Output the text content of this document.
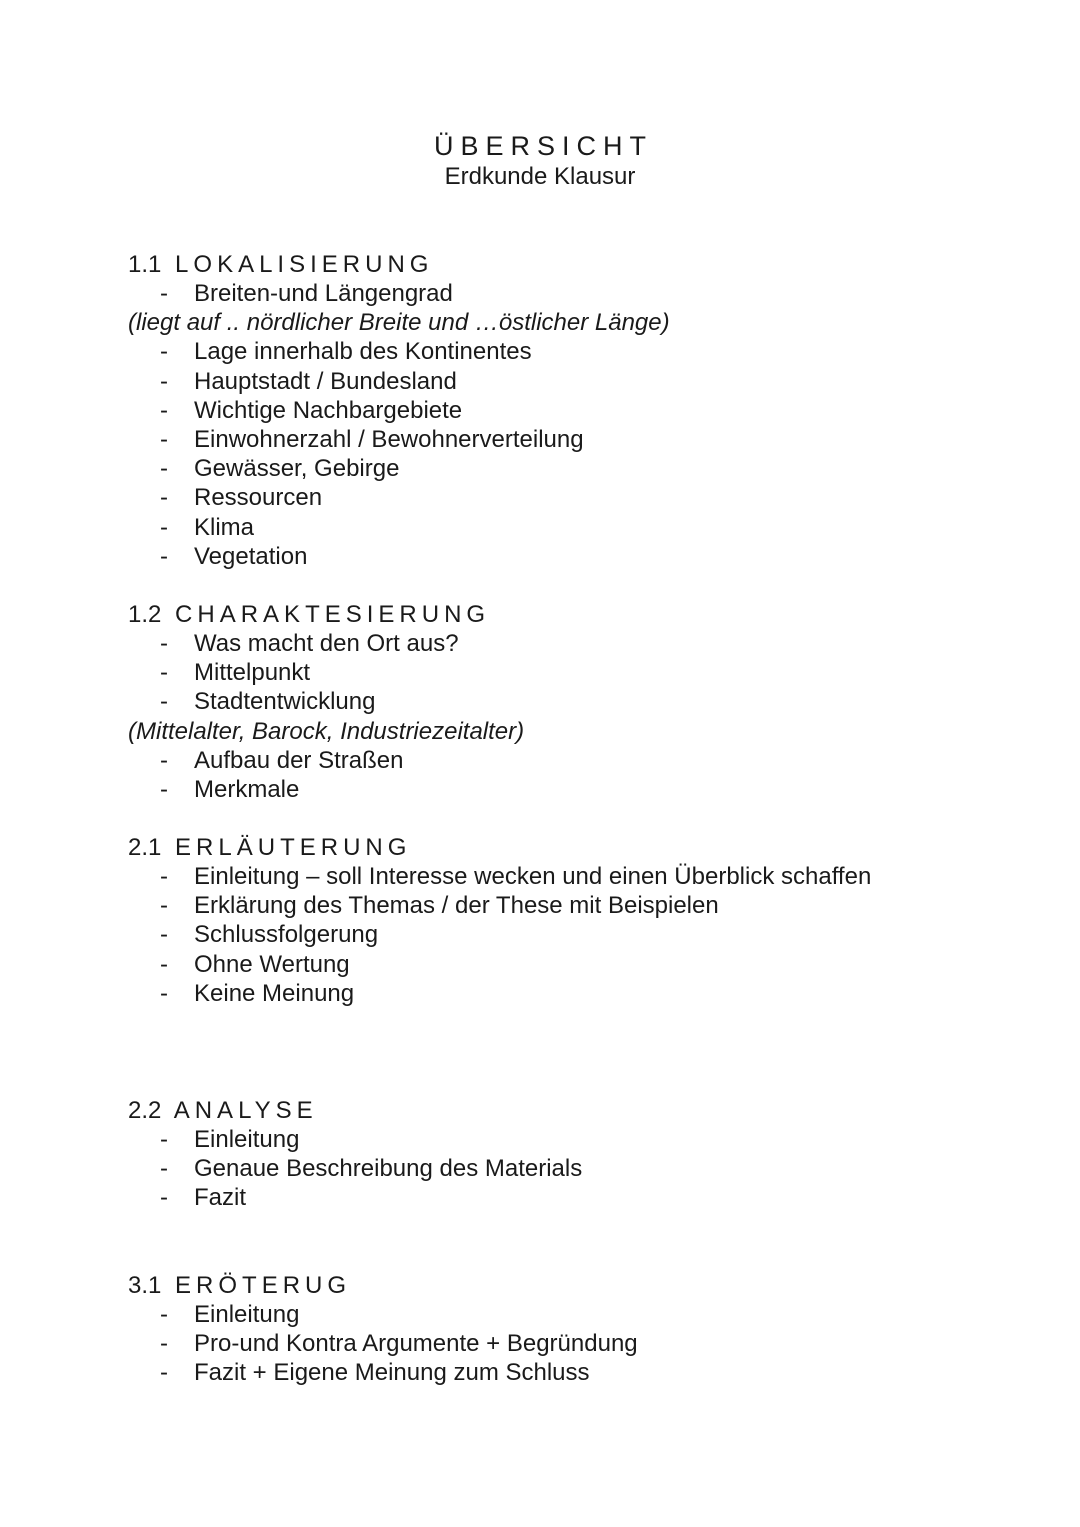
ÜBERSICHT
Erdkunde Klausur
1.1 LOKALISIERUNG
- Breiten-und Längengrad
(liegt auf .. nördlicher Breite und …östlicher Länge)
- Lage innerhalb des Kontinentes
- Hauptstadt / Bundesland
- Wichtige Nachbargebiete
- Einwohnerzahl / Bewohnerverteilung
- Gewässer, Gebirge
- Ressourcen
- Klima
- Vegetation
1.2 CHARAKTESIERUNG
- Was macht den Ort aus?
- Mittelpunkt
- Stadtentwicklung
(Mittelalter, Barock, Industriezeitalter)
- Aufbau der Straßen
- Merkmale
2.1 ERLÄUTERUNG
- Einleitung – soll Interesse wecken und einen Überblick schaffen
- Erklärung des Themas / der These mit Beispielen
- Schlussfolgerung
- Ohne Wertung
- Keine Meinung
2.2 ANALYSE
- Einleitung
- Genaue Beschreibung des Materials
- Fazit
3.1 ERÖTERUG
- Einleitung
- Pro-und Kontra Argumente + Begründung
- Fazit + Eigene Meinung zum Schluss
